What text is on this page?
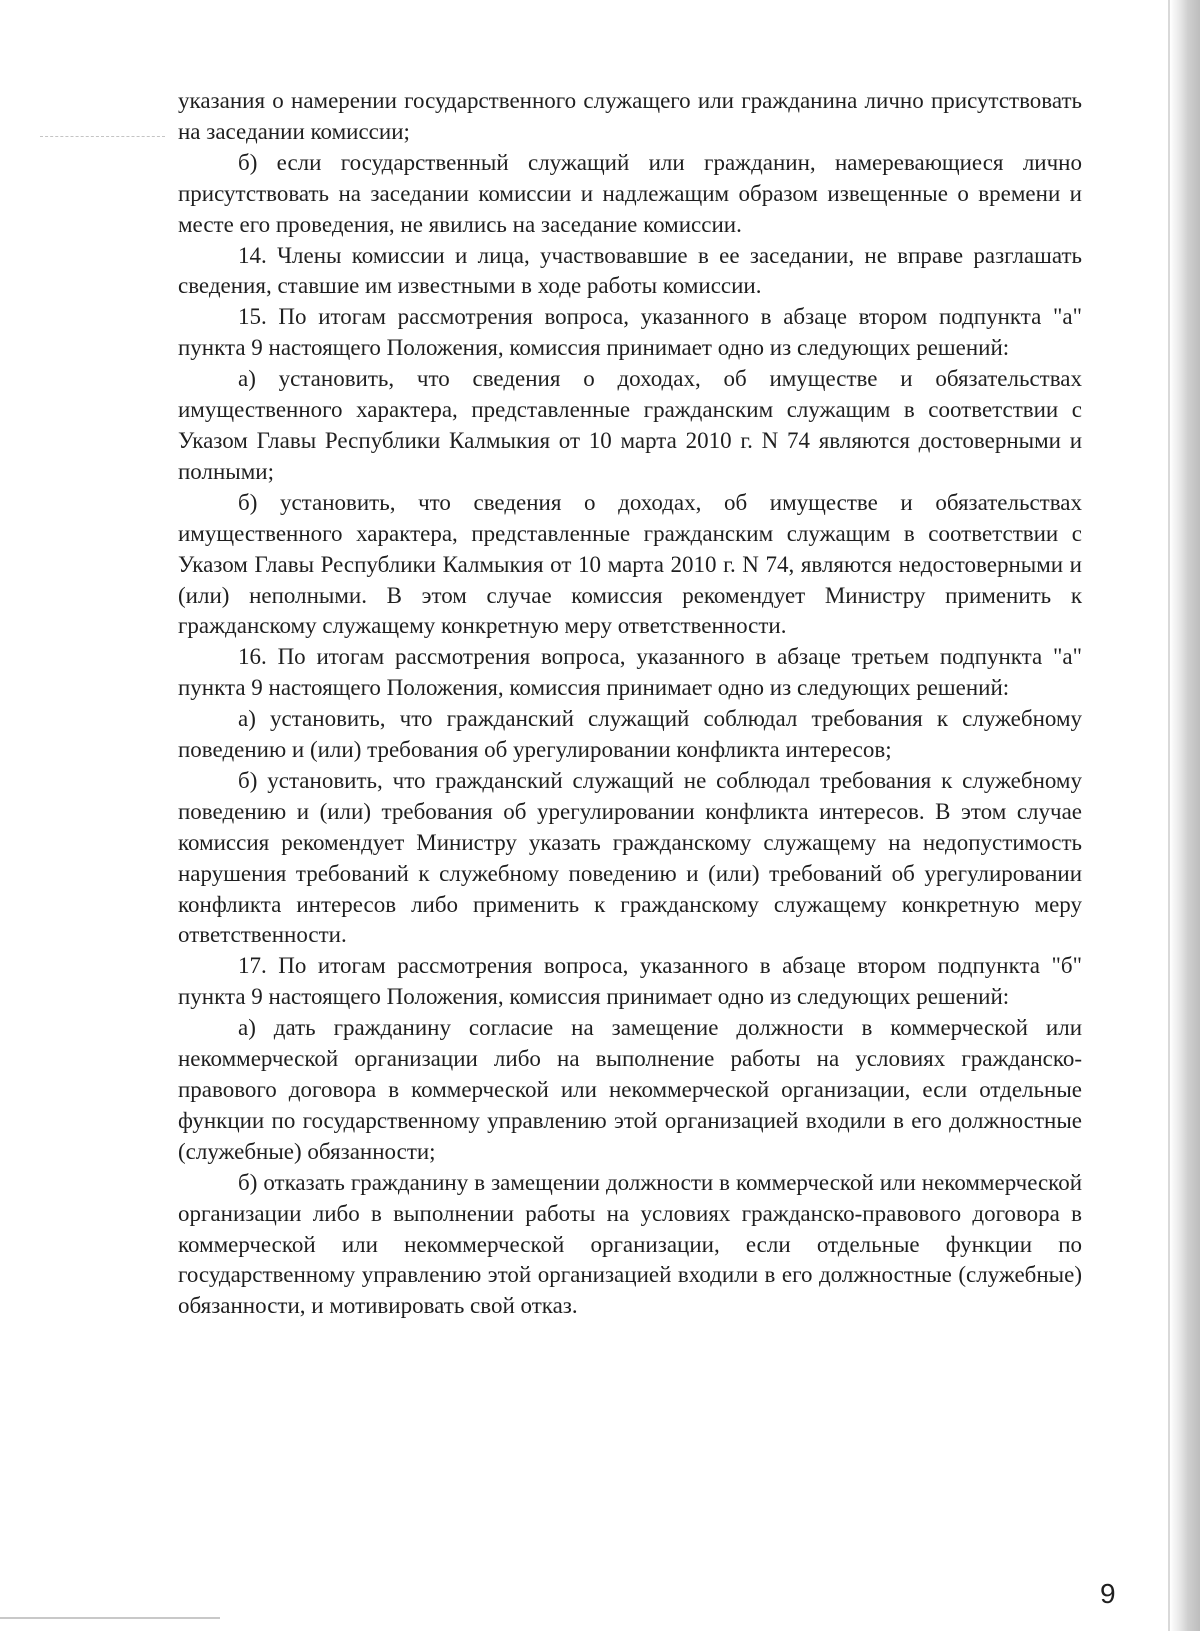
указания о намерении государственного служащего или гражданина лично присутствовать на заседании комиссии;

б) если государственный служащий или гражданин, намеревающиеся лично присутствовать на заседании комиссии и надлежащим образом извещенные о времени и месте его проведения, не явились на заседание комиссии.

14. Члены комиссии и лица, участвовавшие в ее заседании, не вправе разглашать сведения, ставшие им известными в ходе работы комиссии.

15. По итогам рассмотрения вопроса, указанного в абзаце втором подпункта "а" пункта 9 настоящего Положения, комиссия принимает одно из следующих решений:

а) установить, что сведения о доходах, об имуществе и обязательствах имущественного характера, представленные гражданским служащим в соответствии с Указом Главы Республики Калмыкия от 10 марта 2010 г. N 74 являются достоверными и полными;

б) установить, что сведения о доходах, об имуществе и обязательствах имущественного характера, представленные гражданским служащим в соответствии с Указом Главы Республики Калмыкия от 10 марта 2010 г. N 74, являются недостоверными и (или) неполными. В этом случае комиссия рекомендует Министру применить к гражданскому служащему конкретную меру ответственности.

16. По итогам рассмотрения вопроса, указанного в абзаце третьем подпункта "а" пункта 9 настоящего Положения, комиссия принимает одно из следующих решений:

а) установить, что гражданский служащий соблюдал требования к служебному поведению и (или) требования об урегулировании конфликта интересов;

б) установить, что гражданский служащий не соблюдал требования к служебному поведению и (или) требования об урегулировании конфликта интересов. В этом случае комиссия рекомендует Министру указать гражданскому служащему на недопустимость нарушения требований к служебному поведению и (или) требований об урегулировании конфликта интересов либо применить к гражданскому служащему конкретную меру ответственности.

17. По итогам рассмотрения вопроса, указанного в абзаце втором подпункта "б" пункта 9 настоящего Положения, комиссия принимает одно из следующих решений:

а) дать гражданину согласие на замещение должности в коммерческой или некоммерческой организации либо на выполнение работы на условиях гражданско-правового договора в коммерческой или некоммерческой организации, если отдельные функции по государственному управлению этой организацией входили в его должностные (служебные) обязанности;

б) отказать гражданину в замещении должности в коммерческой или некоммерческой организации либо в выполнении работы на условиях гражданско-правового договора в коммерческой или некоммерческой организации, если отдельные функции по государственному управлению этой организацией входили в его должностные (служебные) обязанности, и мотивировать свой отказ.

9
